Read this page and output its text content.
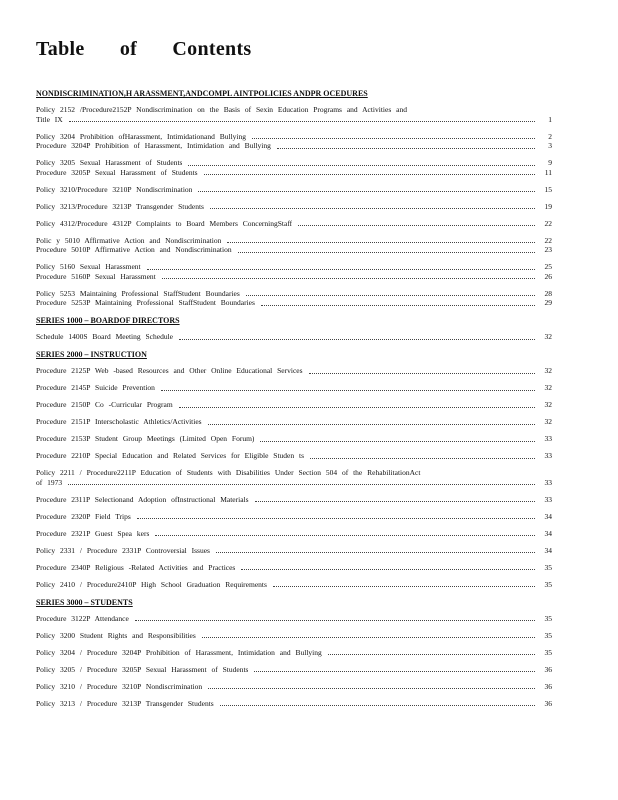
Table of Contents
NONDISCRIMINATION,H ARASSMENT,ANDCOMPL AINTPOLICIES ANDPR OCEDURES
Policy 2152 /Procedure2152P Nondiscrimination on the Basis of Sexin Education Programs and Activities and
Title IX	1
Policy 3204 Prohibition ofHarassment, Intimidationand Bullying	2
Procedure 3204P Prohibition of Harassment, Intimidation and Bullying	3
Policy 3205 Sexual Harassment of Students	9
Procedure 3205P Sexual Harassment of Students	11
Policy 3210/Procedure 3210P Nondiscrimination	15
Policy 3213/Procedure 3213P Transgender Students	19
Policy 4312/Procedure 4312P Complaints to Board Members ConcerningStaff	22
Polic y 5010 Affirmative Action and Nondiscrimination	22
Procedure 5010P Affirmative Action and Nondiscrimination	23
Policy 5160 Sexual Harassment	25
Procedure 5160P Sexual Harassment	26
Policy 5253 Maintaining Professional StaffStudent Boundaries	28
Procedure 5253P Maintaining Professional StaffStudent Boundaries	29
SERIES 1000 – BOARDOF DIRECTORS
Schedule 1400S Board Meeting Schedule	32
SERIES 2000 – INSTRUCTION
Procedure 2125P Web -based Resources and Other Online Educational Services	32
Procedure 2145P Suicide Prevention	32
Procedure 2150P Co -Curricular Program	32
Procedure 2151P Interscholastic Athletics/Activities	32
Procedure 2153P Student Group Meetings (Limited Open Forum)	33
Procedure 2210P Special Education and Related Services for Eligible Studen ts	33
Policy 2211 / Procedure2211P Education of Students with Disabilities Under Section 504 of the RehabilitationAct
of 1973	33
Procedure 2311P Selectionand Adoption ofInstructional Materials	33
Procedure 2320P Field Trips	34
Procedure 2321P Guest Spea kers	34
Policy 2331 / Procedure 2331P Controversial Issues	34
Procedure 2340P Religious -Related Activities and Practices	35
Policy 2410 / Procedure2410P High School Graduation Requirements	35
SERIES 3000 – STUDENTS
Procedure 3122P Attendance	35
Policy 3200 Student Rights and Responsibilities	35
Policy 3204 / Procedure 3204P Prohibition of Harassment, Intimidation and Bullying	35
Policy 3205 / Procedure 3205P Sexual Harassment of Students	36
Policy 3210 / Procedure 3210P Nondiscrimination	36
Policy 3213 / Procedure 3213P Transgender Students	36
